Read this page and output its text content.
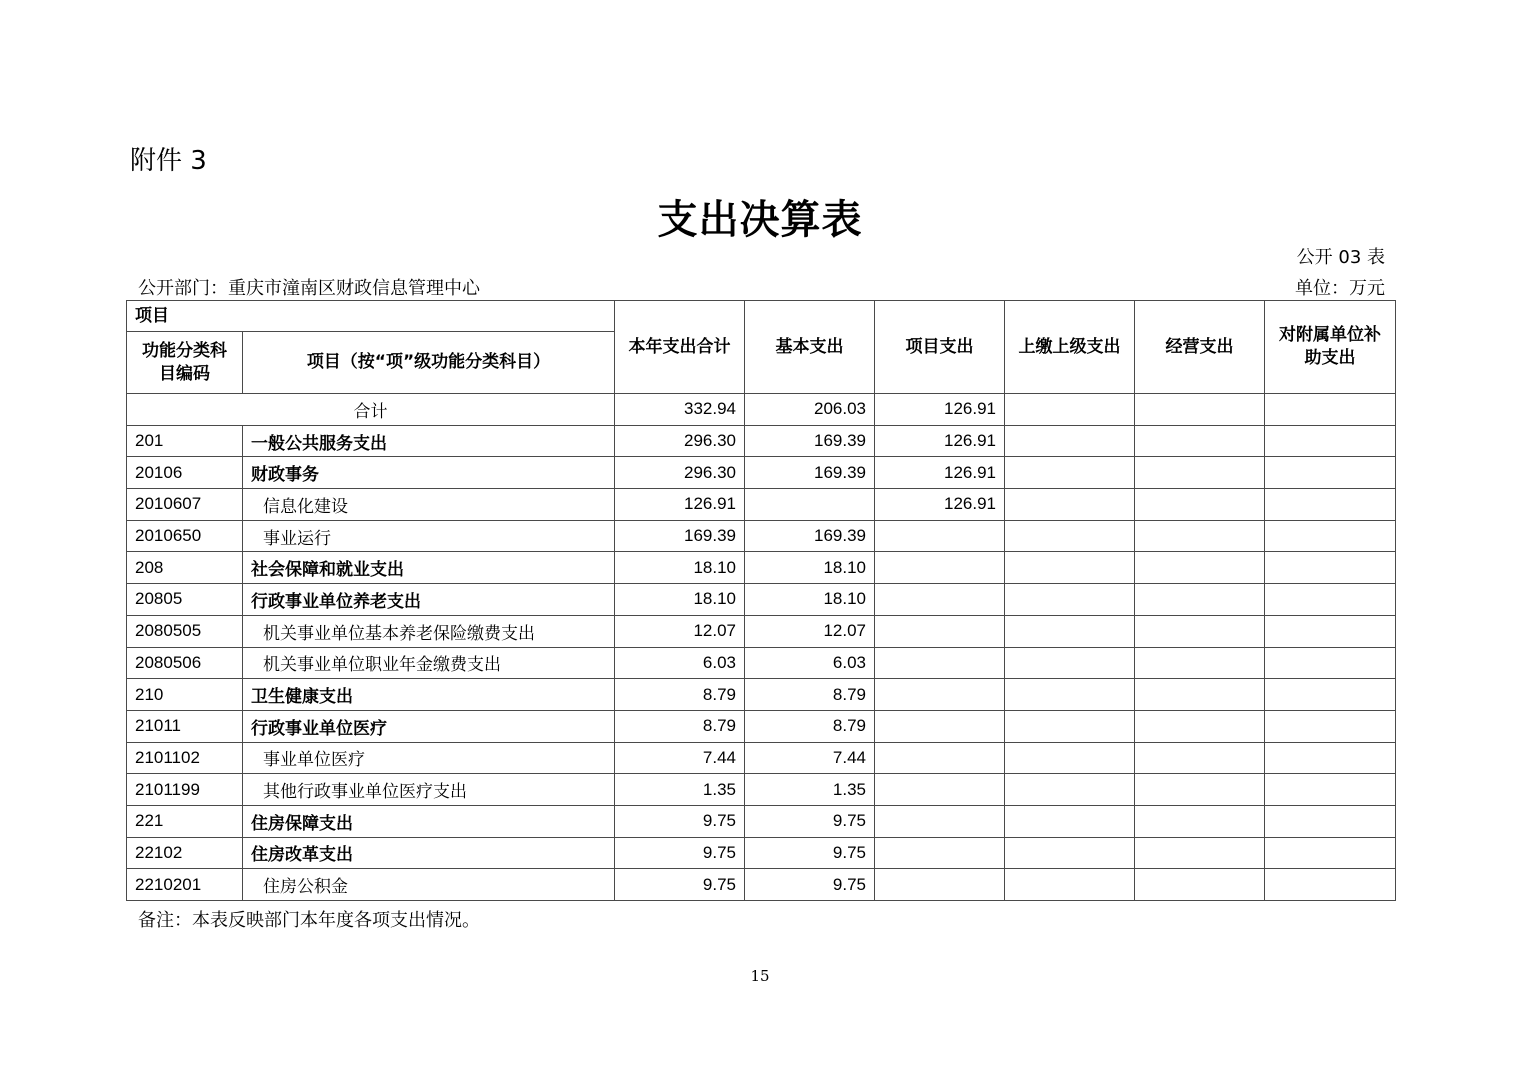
附件 3
支出决算表
公开 03 表
公开部门：重庆市潼南区财政信息管理中心	单位：万元
项目		本年支出合计	基本支出	项目支出	上缴上级支出	经营支出	对附属单位补助支出
功能分类科目编码	项目（按“项”级功能分类科目）						
合计		332.94	206.03	126.91			
201	一般公共服务支出	296.30	169.39	126.91			
20106	财政事务	296.30	169.39	126.91			
2010607	信息化建设	126.91		126.91			
2010650	事业运行	169.39	169.39				
208	社会保障和就业支出	18.10	18.10				
20805	行政事业单位养老支出	18.10	18.10				
2080505	机关事业单位基本养老保险缴费支出	12.07	12.07				
2080506	机关事业单位职业年金缴费支出	6.03	6.03				
210	卫生健康支出	8.79	8.79				
21011	行政事业单位医疗	8.79	8.79				
2101102	事业单位医疗	7.44	7.44				
2101199	其他行政事业单位医疗支出	1.35	1.35				
221	住房保障支出	9.75	9.75				
22102	住房改革支出	9.75	9.75				
2210201	住房公积金	9.75	9.75				
备注：本表反映部门本年度各项支出情况。
15
